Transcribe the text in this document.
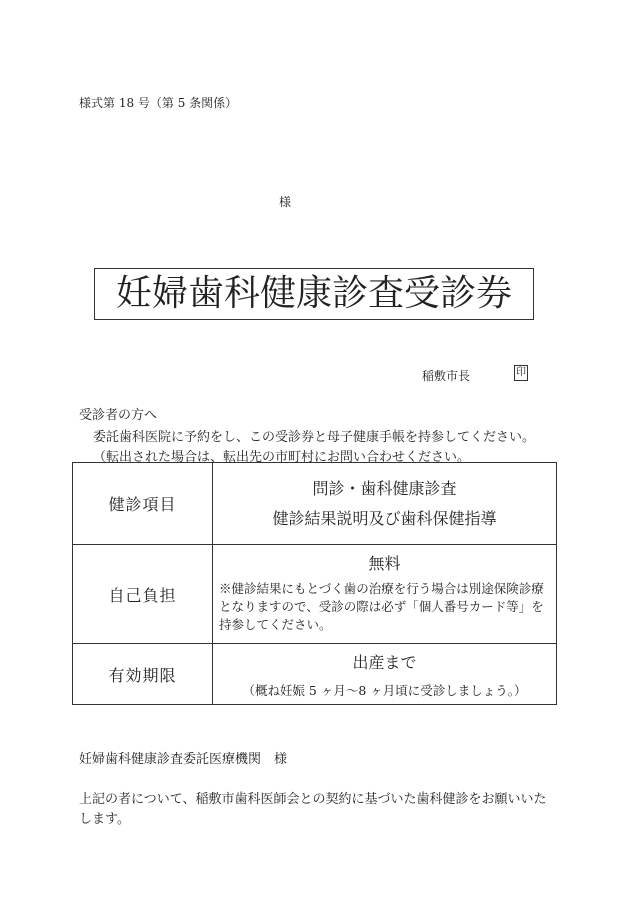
様式第 18 号（第 5 条関係）
様
妊婦歯科健康診査受診券
稲敷市長	印
受診者の方へ
委託歯科医院に予約をし、この受診券と母子健康手帳を持参してください。
（転出された場合は、転出先の市町村にお問い合わせください。
健診項目	問診・歯科健康診査
健診結果説明及び歯科保健指導

自己負担	無料
※健診結果にもとづく歯の治療を行う場合は別途保険診療となりますので、受診の際は必ず「個人番号カード等」を持参してください。

有効期限	出産まで
（概ね妊娠 5 ヶ月〜8 ヶ月頃に受診しましょう。）
妊婦歯科健康診査委託医療機関　様
上記の者について、稲敷市歯科医師会との契約に基づいた歯科健診をお願いいたします。
